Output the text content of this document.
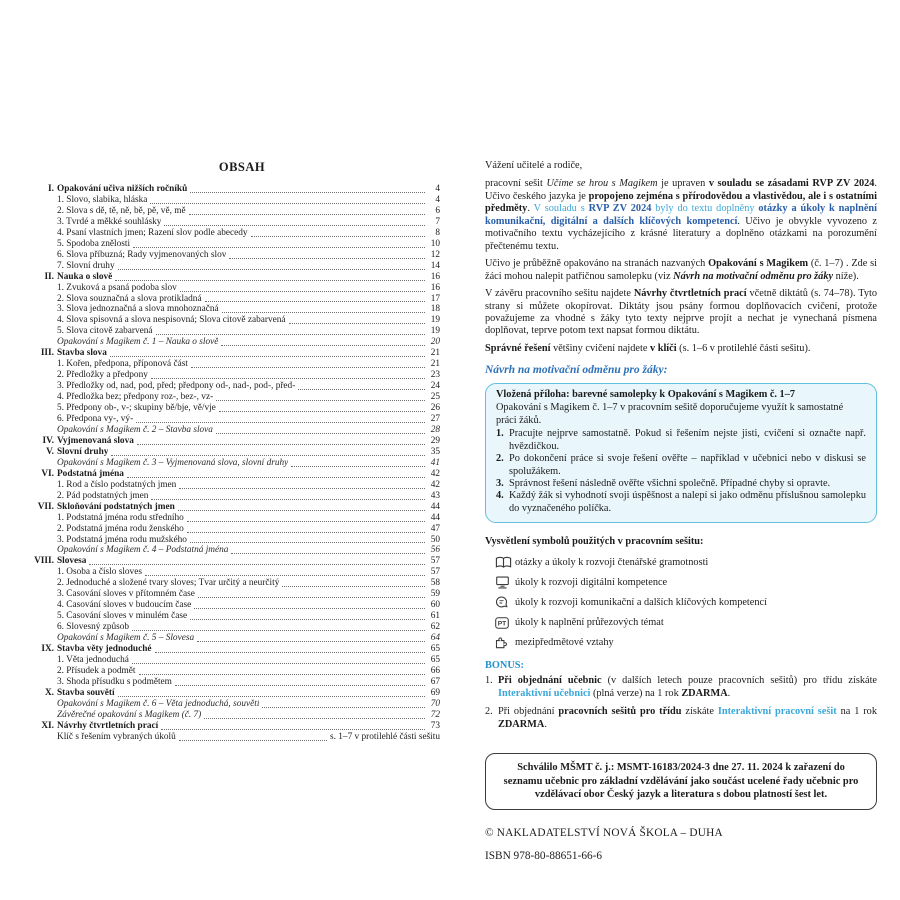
OBSAH
I. Opakování učiva nižších ročníků	4
1. Slovo, slabika, hláska	4
2. Slova s dě, tě, ně, bě, pě, vě, mě	6
3. Tvrdé a měkké souhlásky	7
4. Psaní vlastních jmen; Řazení slov podle abecedy	8
5. Spodoba znělosti	10
6. Slova příbuzná; Řady vyjmenovaných slov	12
7. Slovní druhy	14
II. Nauka o slově	16
1. Zvuková a psaná podoba slov	16
2. Slova souznačná a slova protikladná	17
3. Slova jednoznačná a slova mnohoznačná	18
4. Slova spisovná a slova nespisovná; Slova citově zabarvená	19
5. Slova citově zabarvená	19
Opakování s Magikem č. 1 – Nauka o slově	20
III. Stavba slova	21
1. Kořen, předpona, příponová část	21
2. Předložky a předpony	23
3. Předložky od, nad, pod, před; předpony od-, nad-, pod-, před-	24
4. Předložka bez; předpony roz-, bez-, vz-	25
5. Předpony ob-, v-; skupiny bě/bje, vě/vje	26
6. Předpona vy-, vý-	27
Opakování s Magikem č. 2 – Stavba slova	28
IV. Vyjmenovaná slova	29
V. Slovní druhy	35
Opakování s Magikem č. 3 – Vyjmenovaná slova, slovní druhy	41
VI. Podstatná jména	42
1. Rod a číslo podstatných jmen	42
2. Pád podstatných jmen	43
VII. Skloňování podstatných jmen	44
1. Podstatná jména rodu středního	44
2. Podstatná jména rodu ženského	47
3. Podstatná jména rodu mužského	50
Opakování s Magikem č. 4 – Podstatná jména	56
VIII. Slovesa	57
1. Osoba a číslo sloves	57
2. Jednoduché a složené tvary sloves; Tvar určitý a neurčitý	58
3. Časování sloves v přítomném čase	59
4. Časování sloves v budoucím čase	60
5. Časování sloves v minulém čase	61
6. Slovesný způsob	62
Opakování s Magikem č. 5 – Slovesa	64
IX. Stavba věty jednoduché	65
1. Věta jednoduchá	65
2. Přísudek a podmět	66
3. Shoda přísudku s podmětem	67
X. Stavba souvětí	69
Opakování s Magikem č. 6 – Věta jednoduchá, souvětí	70
Závěrečné opakování s Magikem (č. 7)	72
XI. Návrhy čtvrtletních prací	73
Klíč s řešením vybraných úkolů	s. 1–7 v protilehlé části sešitu

Vážení učitelé a rodiče,

pracovní sešit Učíme se hrou s Magikem je upraven v souladu se zásadami RVP ZV 2024. Učivo českého jazyka je propojeno zejména s přírodovědou a vlastivědou, ale i s ostatními předměty. V souladu s RVP ZV 2024 byly do textu doplněny otázky a úkoly k naplnění komunikační, digitální a dalších klíčových kompetencí. Učivo je obvykle vyvozeno z motivačního textu vycházejícího z krásné literatury a doplněno otázkami na porozumění přečtenému textu.

Učivo je průběžně opakováno na stranách nazvaných Opakování s Magikem (č. 1–7) . Zde si žáci mohou nalepit patřičnou samolepku (viz Návrh na motivační odměnu pro žáky níže).

V závěru pracovního sešitu najdete Návrhy čtvrtletních prací včetně diktátů (s. 74–78). Tyto strany si můžete okopírovat. Diktáty jsou psány formou doplňovacích cvičení, protože považujeme za vhodné s žáky tyto texty nejprve projít a nechat je vynechaná písmena doplňovat, teprve potom text napsat formou diktátu.

Správné řešení většiny cvičení najdete v klíči (s. 1–6 v protilehlé části sešitu).

Návrh na motivační odměnu pro žáky:
Vložená příloha: barevné samolepky k Opakování s Magikem č. 1–7
Opakování s Magikem č. 1–7 v pracovním sešitě doporučujeme využít k samostatné práci žáků.
1. Pracujte nejprve samostatně. Pokud si řešením nejste jisti, cvičení si označte např. hvězdičkou.
2. Po dokončení práce si svoje řešení ověřte – například v učebnici nebo v diskusi se spolužákem.
3. Správnost řešení následně ověřte všichni společně. Případné chyby si opravte.
4. Každý žák si vyhodnotí svoji úspěšnost a nalepí si jako odměnu příslušnou samolepku do vyznačeného políčka.
Vysvětlení symbolů použitých v pracovním sešitu:
otázky a úkoly k rozvoji čtenářské gramotnosti
úkoly k rozvoji digitální kompetence
úkoly k rozvoji komunikační a dalších klíčových kompetencí
PT úkoly k naplnění průřezových témat
mezipředmětové vztahy
BONUS:
1. Při objednání učebnic (v dalších letech pouze pracovních sešitů) pro třídu získáte Interaktivní učebnici (plná verze) na 1 rok ZDARMA.
2. Při objednání pracovních sešitů pro třídu získáte Interaktivní pracovní sešit na 1 rok ZDARMA.
Schválilo MŠMT č. j.: MSMT-16183/2024-3 dne 27. 11. 2024 k zařazení do seznamu učebnic pro základní vzdělávání jako součást ucelené řady učebnic pro vzdělávací obor Český jazyk a literatura s dobou platností šest let.
© NAKLADATELSTVÍ NOVÁ ŠKOLA – DUHA
ISBN 978-80-88651-66-6
